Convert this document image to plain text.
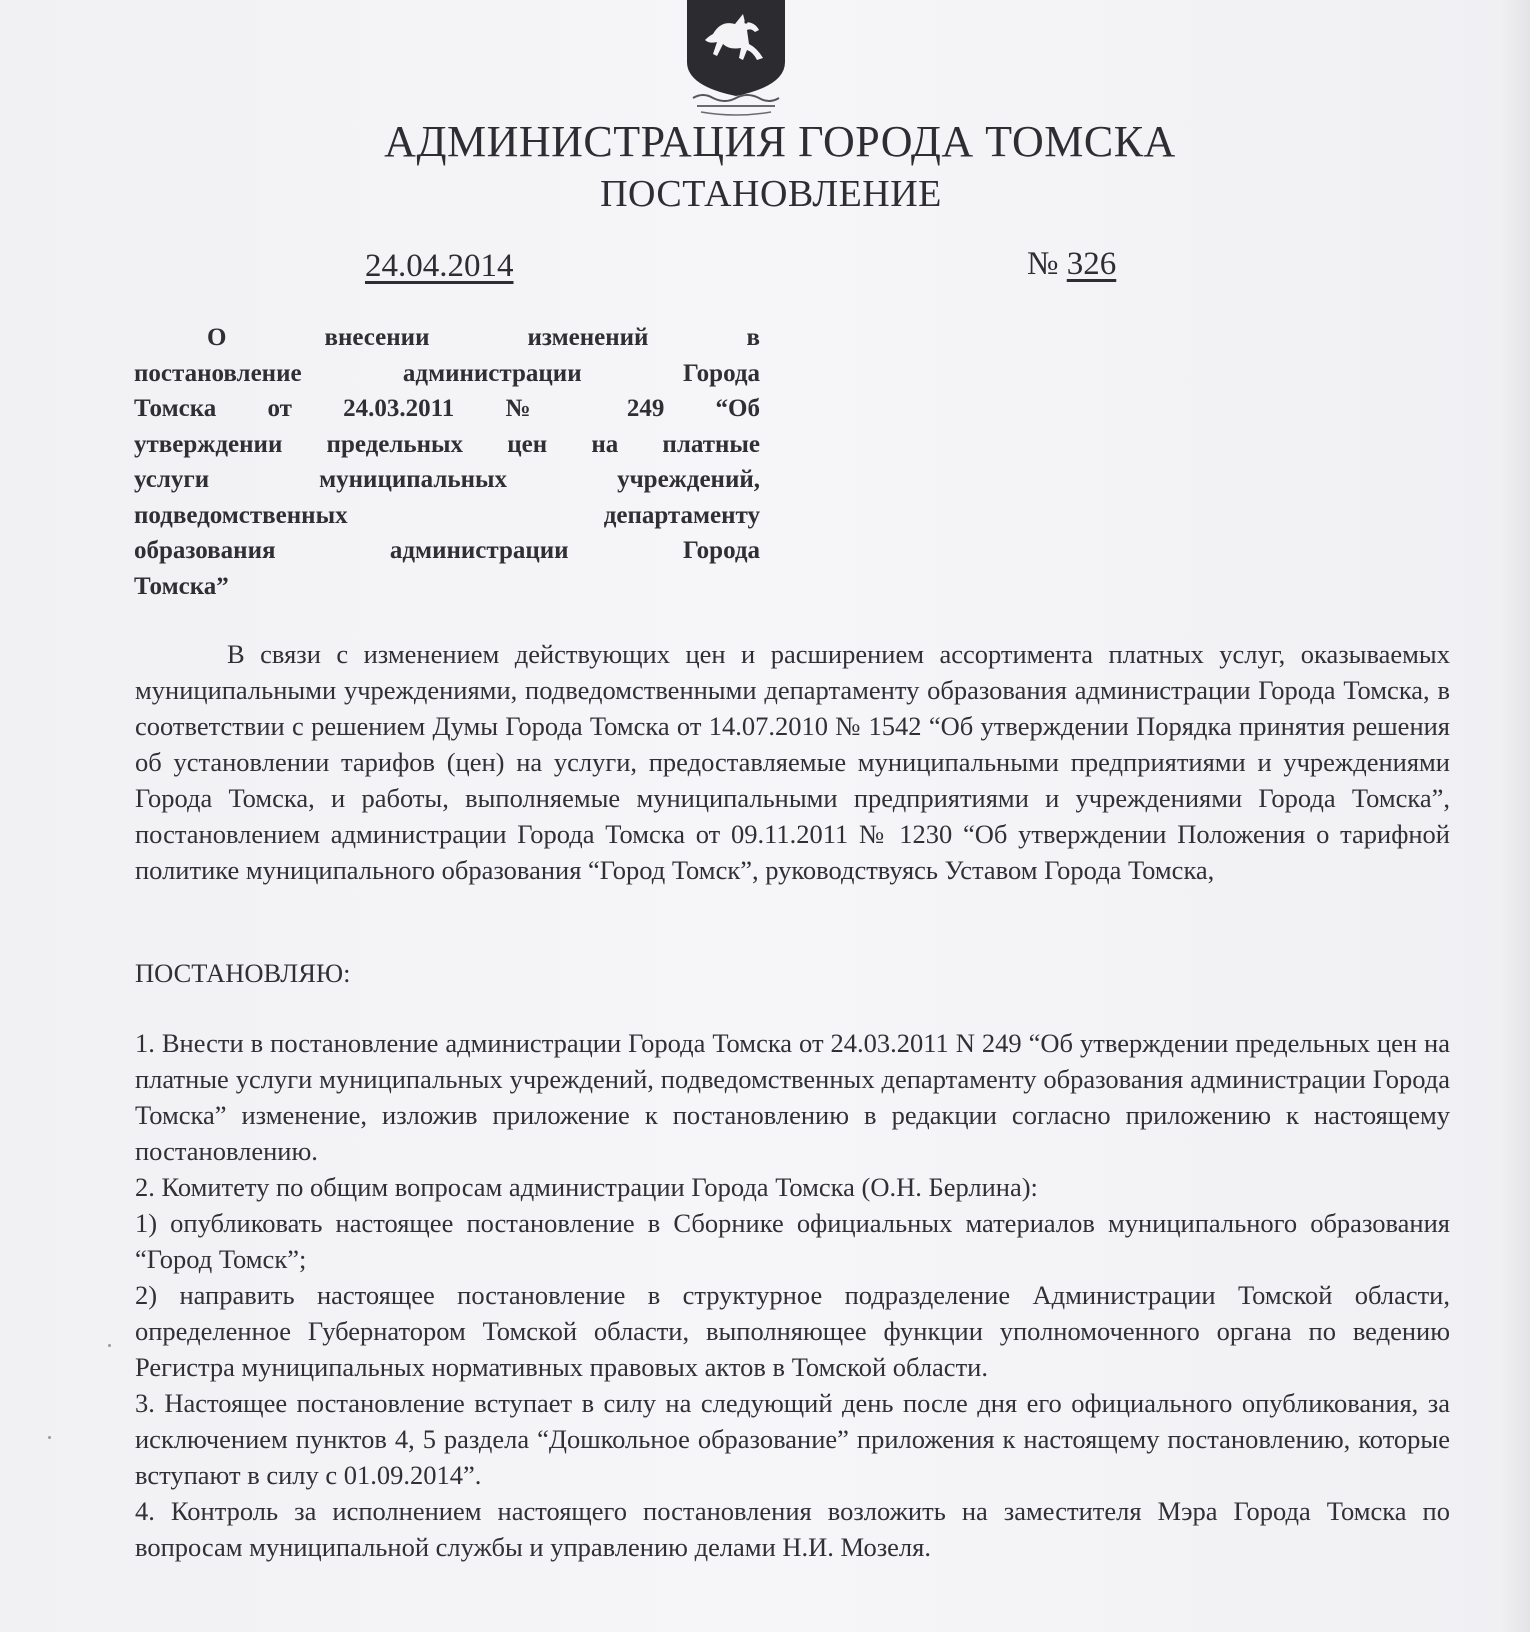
АДМИНИСТРАЦИЯ ГОРОДА ТОМСКА
ПОСТАНОВЛЕНИЕ
24.04.2014	№ 326
О внесении изменений в
постановление администрации Города
Томска от 24.03.2011 № 249 “Об
утверждении предельных цен на платные
услуги муниципальных учреждений,
подведомственных департаменту
образования администрации Города
Томска”
В связи с изменением действующих цен и расширением ассортимента платных услуг, оказываемых муниципальными учреждениями, подведомственными департаменту образования администрации Города Томска, в соответствии с решением Думы Города Томска от 14.07.2010 № 1542 “Об утверждении Порядка принятия решения об установлении тарифов (цен) на услуги, предоставляемые муниципальными предприятиями и учреждениями Города Томска, и работы, выполняемые муниципальными предприятиями и учреждениями Города Томска”, постановлением администрации Города Томска от 09.11.2011 № 1230 “Об утверждении Положения о тарифной политике муниципального образования “Город Томск”, руководствуясь Уставом Города Томска,
ПОСТАНОВЛЯЮ:

1. Внести в постановление администрации Города Томска от 24.03.2011 N 249 “Об утверждении предельных цен на платные услуги муниципальных учреждений, подведомственных департаменту образования администрации Города Томска” изменение, изложив приложение к постановлению в редакции согласно приложению к настоящему постановлению.

2. Комитету по общим вопросам администрации Города Томска (О.Н. Берлина):

1) опубликовать настоящее постановление в Сборнике официальных материалов муниципального образования “Город Томск”;

2) направить настоящее постановление в структурное подразделение Администрации Томской области, определенное Губернатором Томской области, выполняющее функции уполномоченного органа по ведению Регистра муниципальных нормативных правовых актов в Томской области.

3. Настоящее постановление вступает в силу на следующий день после дня его официального опубликования, за исключением пунктов 4, 5 раздела “Дошкольное образование” приложения к настоящему постановлению, которые вступают в силу с 01.09.2014”.

4. Контроль за исполнением настоящего постановления возложить на заместителя Мэра Города Томска по вопросам муниципальной службы и управлению делами Н.И. Мозеля.
